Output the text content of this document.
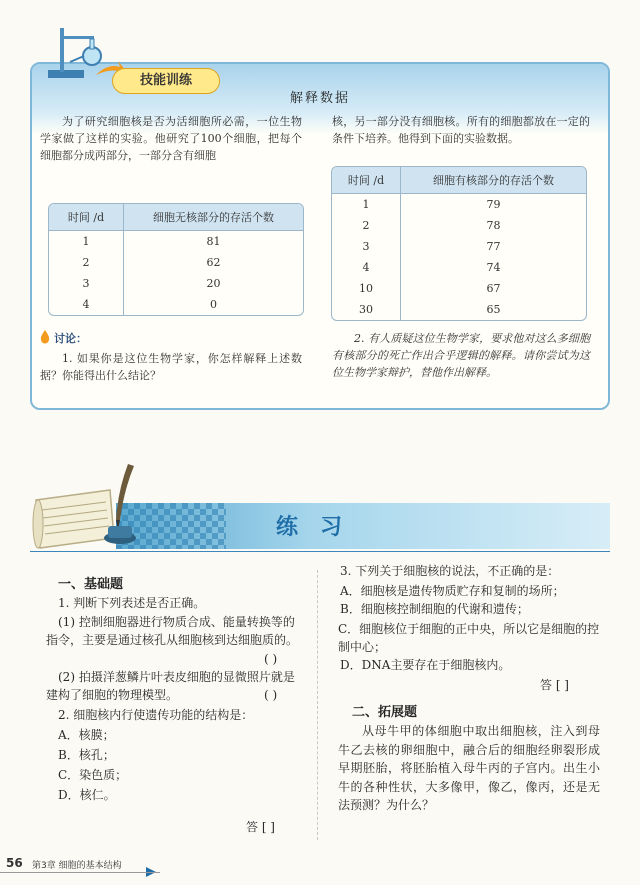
技能训练
解释数据
为了研究细胞核是否为活细胞所必需，一位生物学家做了这样的实验。他研究了100个细胞，把每个细胞都分成两部分，一部分含有细胞
核，另一部分没有细胞核。所有的细胞都放在一定的条件下培养。他得到下面的实验数据。
时间 /d	细胞无核部分的存活个数
1	81
2	62
3	20
4	0
时间 /d	细胞有核部分的存活个数
1	79
2	78
3	77
4	74
10	67
30	65
讨论：
1. 如果你是这位生物学家，你怎样解释上述数据？你能得出什么结论？
2. 有人质疑这位生物学家，要求他对这么多细胞有核部分的死亡作出合乎逻辑的解释。请你尝试为这位生物学家辩护，替他作出解释。
练习
一、基础题
1. 判断下列表述是否正确。
(1) 控制细胞器进行物质合成、能量转换等的指令，主要是通过核孔从细胞核到达细胞质的。
( )
(2) 拍摄洋葱鳞片叶表皮细胞的显微照片就是建构了细胞的物理模型。	( )
2. 细胞核内行使遗传功能的结构是：
A．核膜；
B．核孔；
C．染色质；
D．核仁。
答 [ ]
3. 下列关于细胞核的说法，不正确的是：
A．细胞核是遗传物质贮存和复制的场所；
B．细胞核控制细胞的代谢和遗传；
C．细胞核位于细胞的正中央，所以它是细胞的控制中心；
D．DNA主要存在于细胞核内。
答 [ ]
二、拓展题
从母牛甲的体细胞中取出细胞核，注入到母牛乙去核的卵细胞中，融合后的细胞经卵裂形成早期胚胎，将胚胎植入母牛丙的子宫内。出生小牛的各种性状，大多像甲，像乙，像丙，还是无法预测？为什么？
56 第3章 细胞的基本结构
